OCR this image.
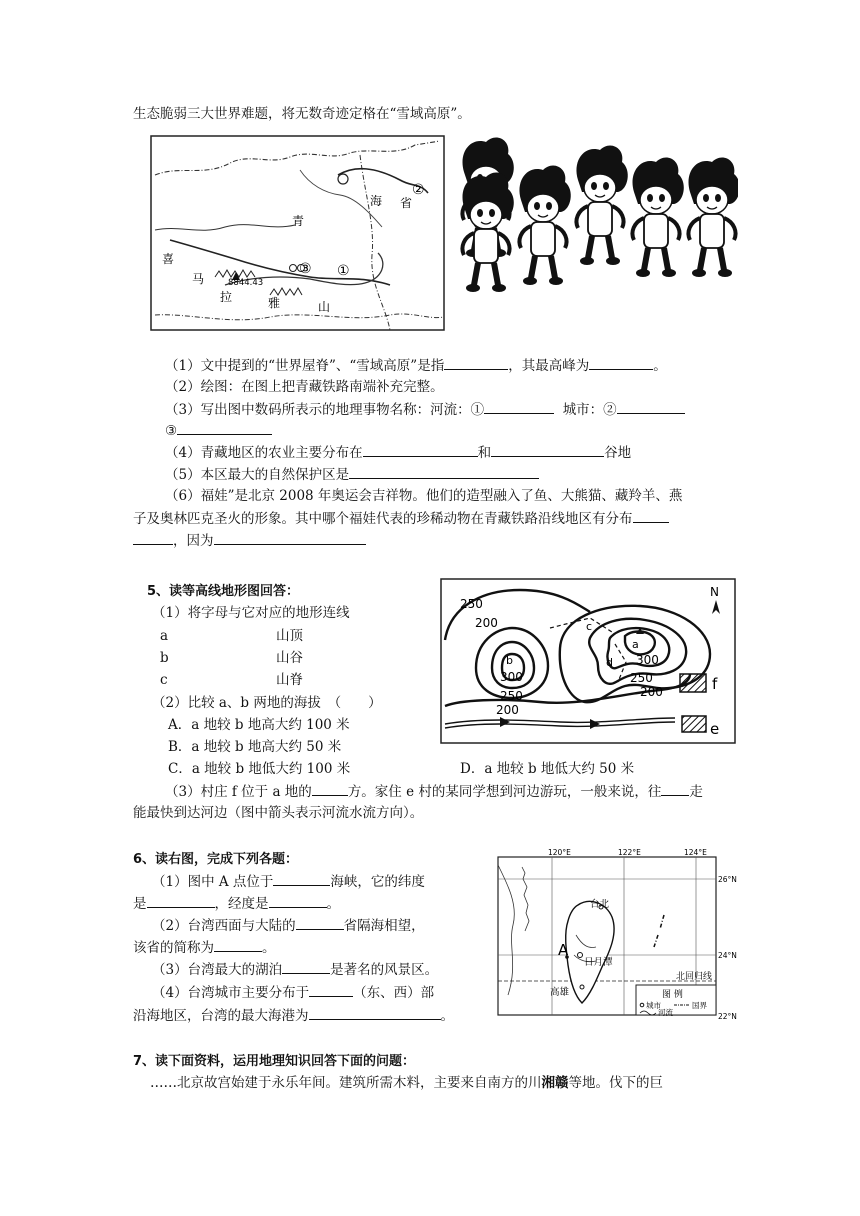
生态脆弱三大世界难题，将无数奇迹定格在“雪域高原”。
青
海 省
②
喜
马
拉	雅	山
8844.43
③ ①
（1）文中提到的“世界屋脊”、“雪域高原”是指	，其最高峰为	。
（2）绘图：在图上把青藏铁路南端补充完整。
（3）写出图中数码所表示的地理事物名称：河流：①	城市：②
③
（4）青藏地区的农业主要分布在	和	谷地
（5）本区最大的自然保护区是
（6）福娃”是北京 2008 年奥运会吉祥物。他们的造型融入了鱼、大熊猫、藏羚羊、燕
子及奥林匹克圣火的形象。其中哪个福娃代表的珍稀动物在青藏铁路沿线地区有分布
，因为
5、读等高线地形图回答：
（1）将字母与它对应的地形连线
a	山顶
b	山谷
c	山脊
（2）比较 a、b 两地的海拔　（　　）
A．a 地较 b 地高大约 100 米
B．a 地较 b 地高大约 50 米
C．a 地较 b 地低大约 100 米	D．a 地较 b 地低大约 50 米
（3）村庄 f 位于 a 地的	方。家住 e 村的某同学想到河边游玩，一般来说，往 走
能最快到达河边（图中箭头表示河流水流方向）。
N
250
200
b
300
250
200
c
a
d 300
250
200	f
e
6、读右图，完成下列各题：
（1）图中 A 点位于	海峡，它的纬度
是	，经度是	。
（2）台湾西面与大陆的	省隔海相望，
该省的简称为	。
（3）台湾最大的湖泊	是著名的风景区。
（4）台湾城市主要分布于	（东、西）部
沿海地区，台湾的最大海港为	。
120°E	122°E	124°E
26°N
24°N
22°N
台北
日月潭
高雄
A
北回归线
图 例
城市	国界
河流
7、读下面资料，运用地理知识回答下面的问题：
……北京故宫始建于永乐年间。建筑所需木料，主要来自南方的川湘赣等地。伐下的巨
